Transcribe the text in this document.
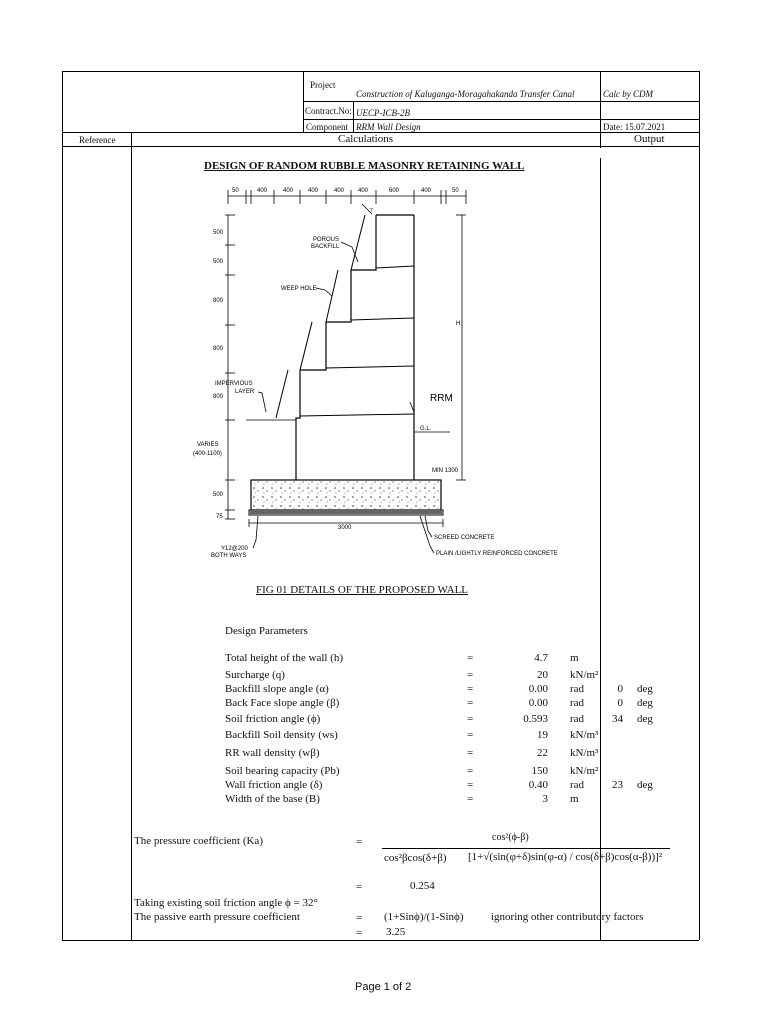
Project
Construction of Kaluganga-Moragahakanda Transfer Canal	Calc by CDM
Contract.No: UECP-ICB-2B
Component RRM Wall Design	Date: 15.07.2021
Reference	Calculations	Output
DESIGN OF RANDOM RUBBLE MASONRY RETAINING WALL
⊤
50	400	400 400	400 400	600	400	50
500
500
800
800
800
VARIES
(400-1100)
500
75
POROUS
BACKFILL
WEEP HOLE
IMPERVIOUS
LAYER
RRM
H
G.L.
MIN 1300
3000
SCREED CONCRETE
PLAIN /LIGHTLY REINFORCED CONCRETE
Y12@200
BOTH WAYS
FIG 01 DETAILS OF THE PROPOSED WALL
Design Parameters
Total height of the wall (h)	=	4.7 m
Surcharge (q)	=	20 kN/m²
Backfill slope angle (α)	=	0.00 rad	0 deg
Back Face slope angle (β)	=	0.00 rad	0 deg
Soil friction angle (ϕ)	=	0.593 rad	34 deg
Backfill Soil density (ws)	=	19 kN/m³
RR wall density (wβ)	=	22 kN/m³
Soil bearing capacity (Pb)	=	150 kN/m²
Wall friction angle (δ)	=	0.40 rad	23 deg
Width of the base (B)	=	3 m
The pressure coefficient (Ka)	=	cos²(ϕ-β)
cos²βcos(δ+β) [1+√(sin(φ+δ)sin(φ-α) / cos(δ+β)cos(α-β))]²
=	0.254
Taking existing soil friction angle ϕ = 32°
The passive earth pressure coefficient	= (1+Sinϕ)/(1-Sinϕ) ignoring other contributory factors
= 3.25
Page 1 of 2
